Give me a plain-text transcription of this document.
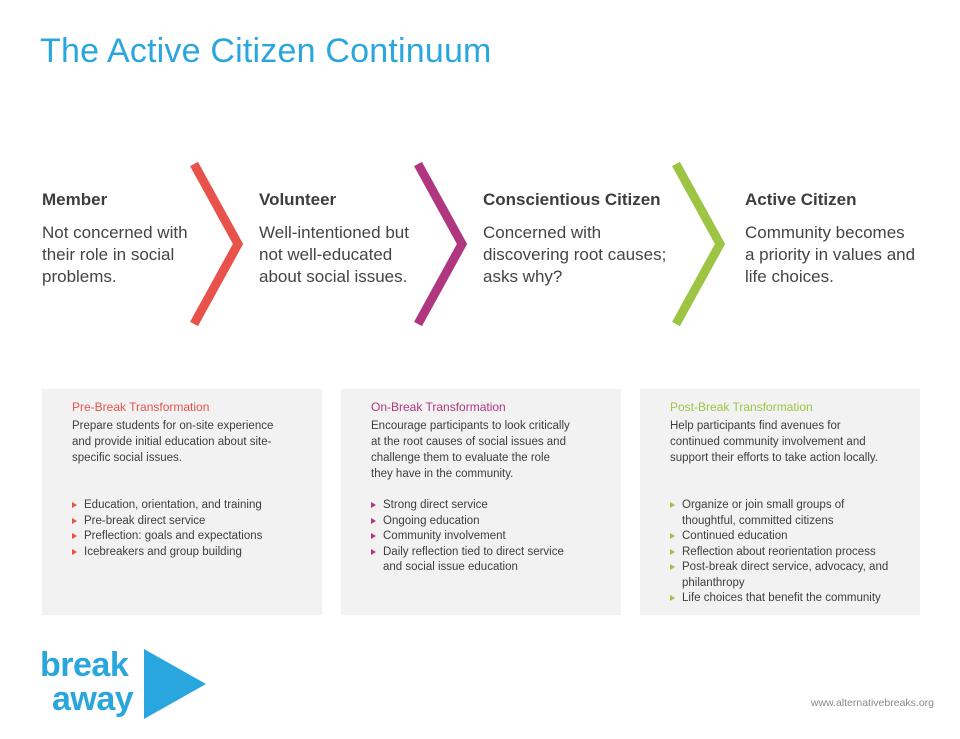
The Active Citizen Continuum
Member
Not concerned with
their role in social
problems.
Volunteer
Well-intentioned but
not well-educated
about social issues.
Conscientious Citizen
Concerned with
discovering root causes;
asks why?
Active Citizen
Community becomes
a priority in values and
life choices.
Pre-Break Transformation
Prepare students for on-site experience
and provide initial education about site-
specific social issues.
Education, orientation, and training
Pre-break direct service
Preflection: goals and expectations
Icebreakers and group building
On-Break Transformation
Encourage participants to look critically
at the root causes of social issues and
challenge them to evaluate the role
they have in the community.
Strong direct service
Ongoing education
Community involvement
Daily reflection tied to direct service
and social issue education
Post-Break Transformation
Help participants find avenues for
continued community involvement and
support their efforts to take action locally.
Organize or join small groups of
thoughtful, committed citizens
Continued education
Reflection about reorientation process
Post-break direct service, advocacy, and
philanthropy
Life choices that benefit the community
break
away	www.alternativebreaks.org
